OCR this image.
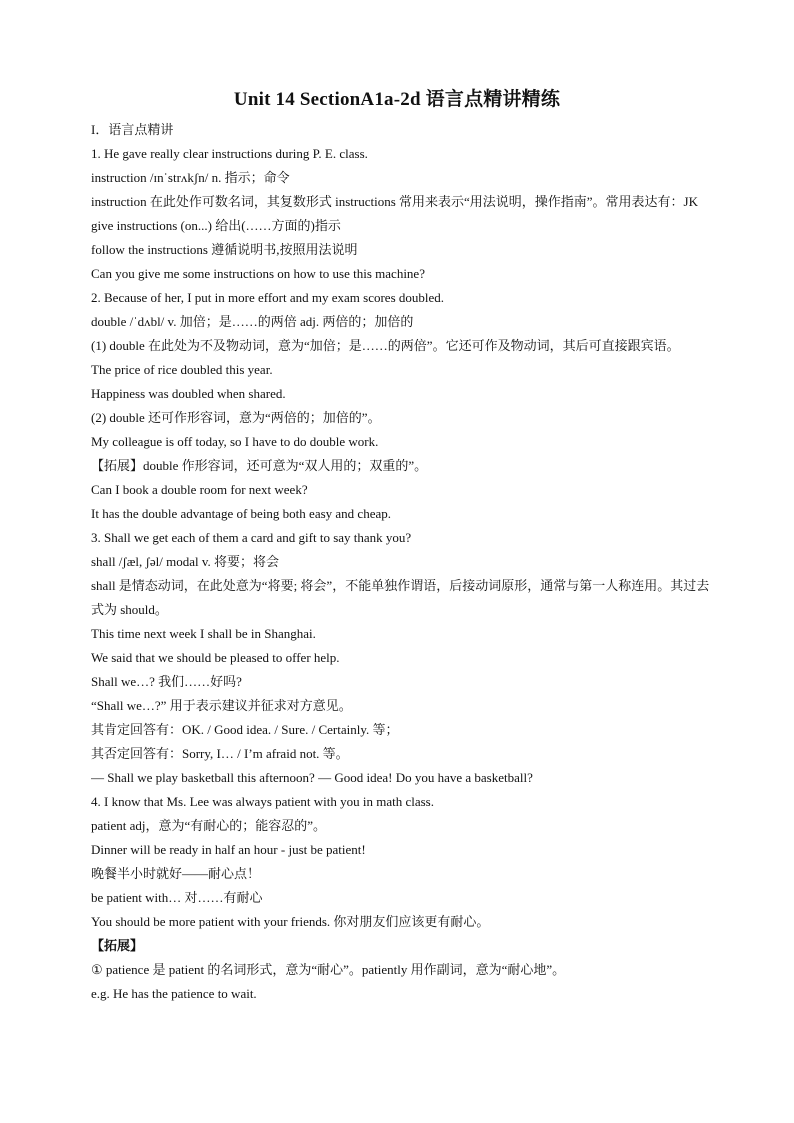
Unit 14 SectionA1a-2d 语言点精讲精练
I．语言点精讲
1. He gave really clear instructions during P. E. class.
instruction /ɪnˈstrʌkʃn/ n. 指示；命令
instruction 在此处作可数名词，其复数形式 instructions 常用来表示“用法说明，操作指南”。常用表达有：JK
give instructions (on...) 给出(……方面的)指示
follow the instructions 遵循说明书,按照用法说明
Can you give me some instructions on how to use this machine?
2. Because of her, I put in more effort and my exam scores doubled.
double /ˈdʌbl/ v. 加倍；是……的两倍 adj. 两倍的；加倍的
(1) double 在此处为不及物动词，意为“加倍；是……的两倍”。它还可作及物动词，其后可直接跟宾语。
The price of rice doubled this year.
Happiness was doubled when shared.
(2) double 还可作形容词，意为“两倍的；加倍的”。
My colleague is off today, so I have to do double work.
【拓展】double 作形容词，还可意为“双人用的；双重的”。
Can I book a double room for next week?
It has the double advantage of being both easy and cheap.
3. Shall we get each of them a card and gift to say thank you?
shall /ʃæl, ʃəl/ modal v. 将要；将会
shall 是情态动词，在此处意为“将要; 将会”，不能单独作谓语，后接动词原形，通常与第一人称连用。其过去式为 should。
This time next week I shall be in Shanghai.
We said that we should be pleased to offer help.
Shall we…? 我们……好吗?
“Shall we…?” 用于表示建议并征求对方意见。
其肯定回答有：OK. / Good idea. / Sure. / Certainly. 等；
其否定回答有：Sorry, I… / I’m afraid not. 等。
— Shall we play basketball this afternoon? — Good idea! Do you have a basketball?
4. I know that Ms. Lee was always patient with you in math class.
patient adj，意为“有耐心的；能容忍的”。
Dinner will be ready in half an hour - just be patient!
晚餐半小时就好——耐心点！
be patient with… 对……有耐心
You should be more patient with your friends. 你对朋友们应该更有耐心。
【拓展】
① patience 是 patient 的名词形式，意为“耐心”。patiently 用作副词，意为“耐心地”。
e.g. He has the patience to wait.
